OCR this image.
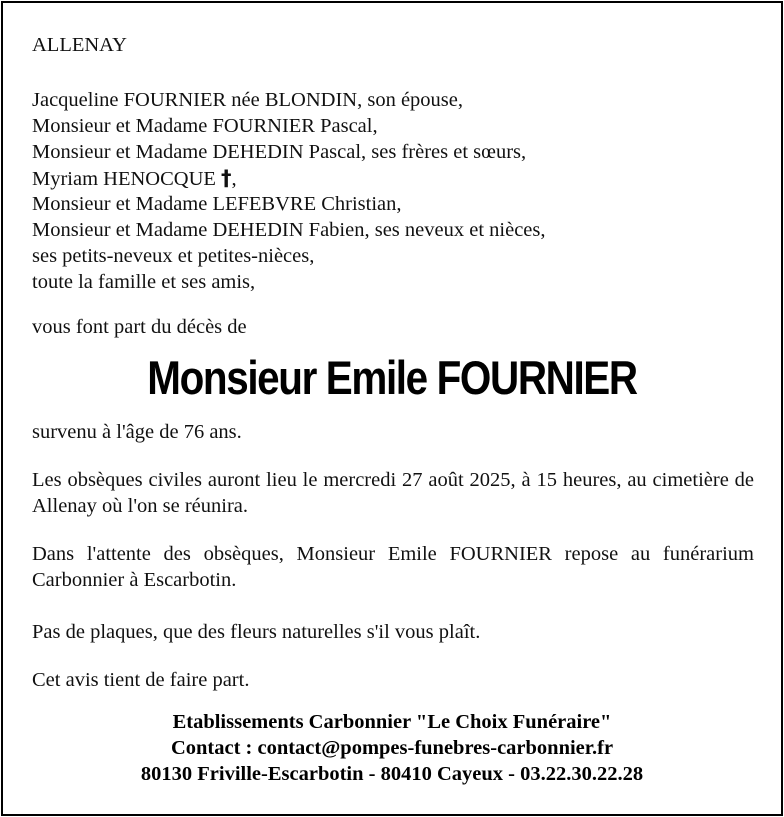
ALLENAY
Jacqueline FOURNIER née BLONDIN, son épouse,
Monsieur et Madame FOURNIER Pascal,
Monsieur et Madame DEHEDIN Pascal, ses frères et sœurs,
Myriam HENOCQUE †,
Monsieur et Madame LEFEBVRE Christian,
Monsieur et Madame DEHEDIN Fabien, ses neveux et nièces,
ses petits-neveux et petites-nièces,
toute la famille et ses amis,
vous font part du décès de
Monsieur Emile FOURNIER
survenu à l'âge de 76 ans.
Les obsèques civiles auront lieu le mercredi 27 août 2025, à 15 heures, au cimetière de Allenay où l'on se réunira.
Dans l'attente des obsèques, Monsieur Emile FOURNIER repose au funérarium Carbonnier à Escarbotin.
Pas de plaques, que des fleurs naturelles s'il vous plaît.
Cet avis tient de faire part.
Etablissements Carbonnier "Le Choix Funéraire"
Contact : contact@pompes-funebres-carbonnier.fr
80130 Friville-Escarbotin - 80410 Cayeux - 03.22.30.22.28
